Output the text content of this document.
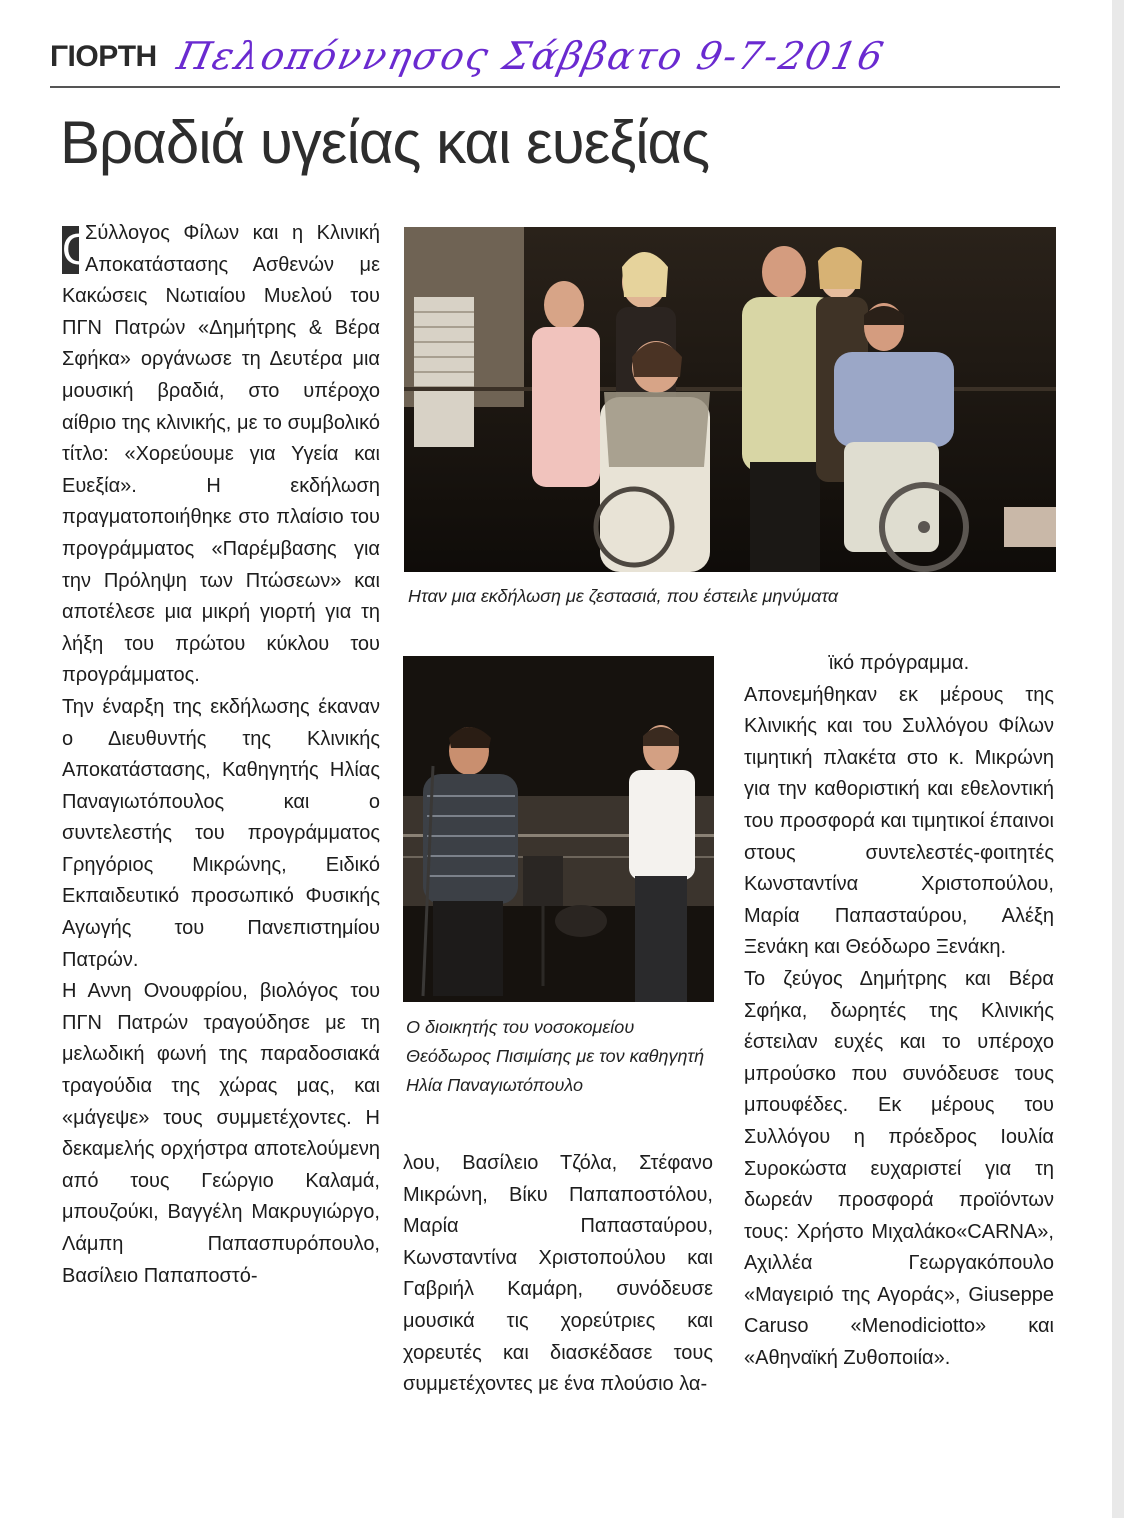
ΓΙΟΡΤΗ Πελοπόννησος Σάββατο 9-7-2016
Βραδιά υγείας και ευεξίας

Ο
Σύλλογος Φίλων και η Κλινική Αποκατάστασης Ασθενών με Κακώσεις Νωτιαίου Μυελού του ΠΓΝ Πατρών «Δημήτρης & Βέρα Σφήκα» οργάνωσε τη Δευτέρα μια μουσική βραδιά, στο υπέροχο αίθριο της κλινικής, με το συμβολικό τίτλο: «Χορεύουμε για Υγεία και Ευεξία». Η εκδήλωση πραγματοποιήθηκε στο πλαίσιο του προγράμματος «Παρέμβασης για την Πρόληψη των Πτώσεων» και αποτέλεσε μια μικρή γιορτή για τη λήξη του πρώτου κύκλου του προγράμματος.

Την έναρξη της εκδήλωσης έκαναν ο Διευθυντής της Κλινικής Αποκατάστασης, Καθηγητής Ηλίας Παναγιωτόπουλος και ο συντελεστής του προγράμματος Γρηγόριος Μικρώνης, Ειδικό Εκπαιδευτικό προσωπικό Φυσικής Αγωγής του Πανεπιστημίου Πατρών.

Η Αννη Ονουφρίου, βιολόγος του ΠΓΝ Πατρών τραγούδησε με τη μελωδική φωνή της παραδοσιακά τραγούδια της χώρας μας, και «μάγεψε» τους συμμετέχοντες. Η δεκαμελής ορχήστρα αποτελούμενη από τους Γεώργιο Καλαμά, μπουζούκι, Βαγγέλη Μακρυγιώργο, Λάμπη Παπασπυρόπουλο, Βασίλειο Παπαποστό-

Ηταν μια εκδήλωση με ζεστασιά, που έστειλε μηνύματα
Ο διοικητής του νοσοκομείου Θεόδωρος Πισιμίσης με τον καθηγητή Ηλία Παναγιωτόπουλο

λου, Βασίλειο Τζόλα, Στέφανο Μικρώνη, Βίκυ Παπαποστόλου, Μαρία Παπασταύρου, Κωνσταντίνα Χριστοπούλου και Γαβριήλ Καμάρη, συνόδευσε μουσικά τις χορεύτριες και χορευτές και διασκέδασε τους συμμετέχοντες με ένα πλούσιο λα-

ϊκό πρόγραμμα.

Απονεμήθηκαν εκ μέρους της Κλινικής και του Συλλόγου Φίλων τιμητική πλακέτα στο κ. Μικρώνη για την καθοριστική και εθελοντική του προσφορά και τιμητικοί έπαινοι στους συντελεστές-φοιτητές Κωνσταντίνα Χριστοπούλου, Μαρία Παπασταύρου, Αλέξη Ξενάκη και Θεόδωρο Ξενάκη.

Το ζεύγος Δημήτρης και Βέρα Σφήκα, δωρητές της Κλινικής έστειλαν ευχές και το υπέροχο μπρούσκο που συνόδευσε τους μπουφέδες. Εκ μέρους του Συλλόγου η πρόεδρος Ιουλία Συροκώστα ευχαριστεί για τη δωρεάν προσφορά προϊόντων τους: Χρήστο Μιχαλάκο«CARNA», Αχιλλέα Γεωργακόπουλο «Μαγειριό της Αγοράς», Giuseppe Caruso «Menodiciotto» και «Αθηναϊκή Ζυθοποιία».
